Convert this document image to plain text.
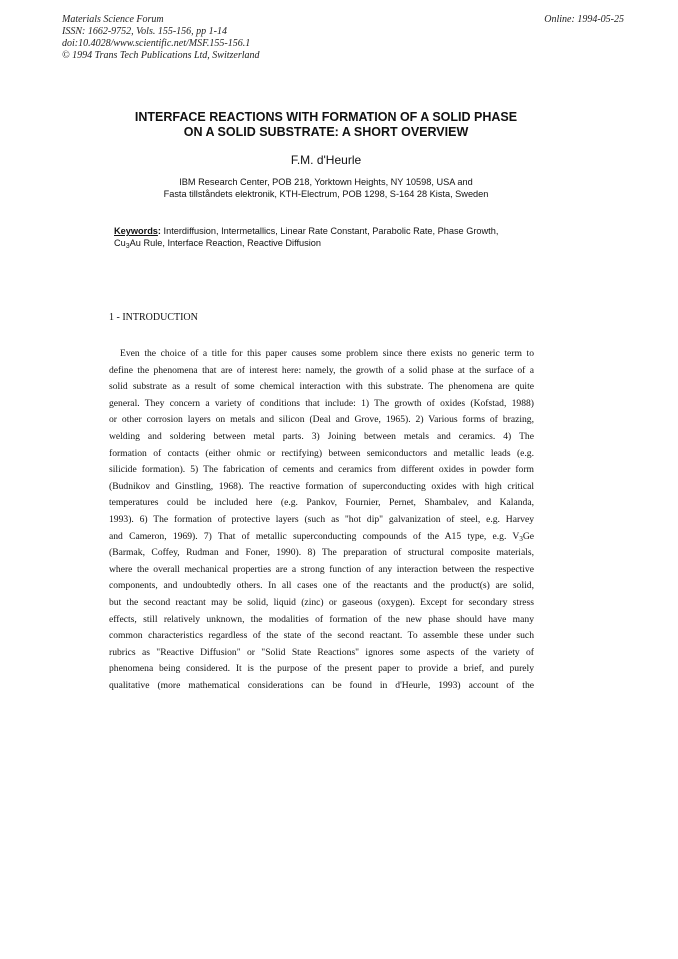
Materials Science Forum
ISSN: 1662-9752, Vols. 155-156, pp 1-14
doi:10.4028/www.scientific.net/MSF.155-156.1
© 1994 Trans Tech Publications Ltd, Switzerland
Online: 1994-05-25
INTERFACE REACTIONS WITH FORMATION OF A SOLID PHASE
ON A SOLID SUBSTRATE: A SHORT OVERVIEW
F.M. d'Heurle
IBM Research Center, POB 218, Yorktown Heights, NY 10598, USA and
Fasta tillståndets elektronik, KTH-Electrum, POB 1298, S-164 28 Kista, Sweden
Keywords: Interdiffusion, Intermetallics, Linear Rate Constant, Parabolic Rate, Phase Growth,
$Cu_3Au$ Rule, Interface Reaction, Reactive Diffusion
1 - INTRODUCTION
Even the choice of a title for this paper causes some problem since there exists no generic term to
define the phenomena that are of interest here: namely, the growth of a solid phase at the surface of a
solid substrate as a result of some chemical interaction with this substrate. The phenomena are quite
general. They concern a variety of conditions that include: 1) The growth of oxides (Kofstad, 1988)
or other corrosion layers on metals and silicon (Deal and Grove, 1965). 2) Various forms of brazing,
welding and soldering between metal parts. 3) Joining between metals and ceramics. 4) The
formation of contacts (either ohmic or rectifying) between semiconductors and metallic leads (e.g.
silicide formation). 5) The fabrication of cements and ceramics from different oxides in powder form
(Budnikov and Ginstling, 1968). The reactive formation of superconducting oxides with high critical
temperatures could be included here (e.g. Pankov, Fournier, Pernet, Shambalev, and Kalanda,
1993). 6) The formation of protective layers (such as "hot dip" galvanization of steel, e.g. Harvey
and Cameron, 1969). 7) That of metallic superconducting compounds of the A15 type, e.g. $V_3Ge$
(Barmak, Coffey, Rudman and Foner, 1990). 8) The preparation of structural composite materials,
where the overall mechanical properties are a strong function of any interaction between the respective
components, and undoubtedly others. In all cases one of the reactants and the product(s) are solid,
but the second reactant may be solid, liquid (zinc) or gaseous (oxygen). Except for secondary stress
effects, still relatively unknown, the modalities of formation of the new phase should have many
common characteristics regardless of the state of the second reactant. To assemble these under such
rubrics as "Reactive Diffusion" or "Solid State Reactions" ignores some aspects of the variety of
phenomena being considered. It is the purpose of the present paper to provide a brief, and purely
qualitative (more mathematical considerations can be found in d'Heurle, 1993) account of the
